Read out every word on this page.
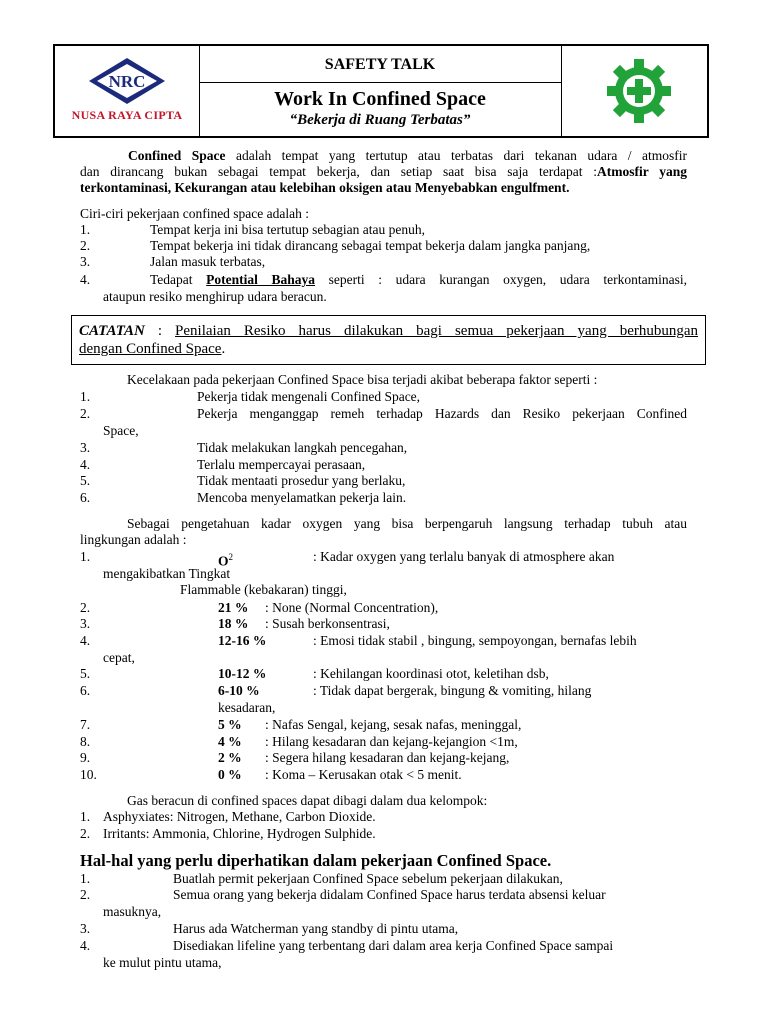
NRC
NUSA RAYA CIPTA
SAFETY TALK
Work In Confined Space
“Bekerja di Ruang Terbatas”
Confined Space adalah tempat yang tertutup atau terbatas dari tekanan udara / atmosfir
dan dirancang bukan sebagai tempat bekerja, dan setiap saat bisa saja terdapat :Atmosfir yang
terkontaminasi, Kekurangan atau kelebihan oksigen atau Menyebabkan engulfment.
Ciri-ciri pekerjaan confined space adalah :
1.	Tempat kerja ini bisa tertutup sebagian atau penuh,
2.	Tempat bekerja ini tidak dirancang sebagai tempat bekerja dalam jangka panjang,
3.	Jalan masuk terbatas,
4.	Tedapat Potential Bahaya seperti : udara kurangan oxygen, udara terkontaminasi,
ataupun resiko menghirup udara beracun.
CATATAN : Penilaian Resiko harus dilakukan bagi semua pekerjaan yang berhubungan
dengan Confined Space.
Kecelakaan pada pekerjaan Confined Space bisa terjadi akibat beberapa faktor seperti :
1.	Pekerja tidak mengenali Confined Space,
2.	Pekerja menganggap remeh terhadap Hazards dan Resiko pekerjaan Confined
Space,
3.	Tidak melakukan langkah pencegahan,
4.	Terlalu mempercayai perasaan,
5.	Tidak mentaati prosedur yang berlaku,
6.	Mencoba menyelamatkan pekerja lain.
Sebagai pengetahuan kadar oxygen yang bisa berpengaruh langsung terhadap tubuh atau
lingkungan adalah :
1.	$O^2$	: Kadar oxygen yang terlalu banyak di atmosphere akan
mengakibatkan Tingkat
Flammable (kebakaran) tinggi,
2.	21 % : None (Normal Concentration),
3.	18 % : Susah berkonsentrasi,
4.	12-16 %	: Emosi tidak stabil , bingung, sempoyongan, bernafas lebih
cepat,
5.	10-12 %	: Kehilangan koordinasi otot, keletihan dsb,
6.	6-10 %	: Tidak dapat bergerak, bingung & vomiting, hilang
kesadaran,
7.	5 % : Nafas Sengal, kejang, sesak nafas, meninggal,
8.	4 % : Hilang kesadaran dan kejang-kejangion <1m,
9.	2 % : Segera hilang kesadaran dan kejang-kejang,
10.	0 % : Koma – Kerusakan otak < 5 menit.
Gas beracun di confined spaces dapat dibagi dalam dua kelompok:
1. Asphyxiates: Nitrogen, Methane, Carbon Dioxide.
2. Irritants: Ammonia, Chlorine, Hydrogen Sulphide.
Hal-hal yang perlu diperhatikan dalam pekerjaan Confined Space.
1.	Buatlah permit pekerjaan Confined Space sebelum pekerjaan dilakukan,
2.	Semua orang yang bekerja didalam Confined Space harus terdata absensi keluar
masuknya,
3.	Harus ada Watcherman yang standby di pintu utama,
4.	Disediakan lifeline yang terbentang dari dalam area kerja Confined Space sampai
ke mulut pintu utama,
